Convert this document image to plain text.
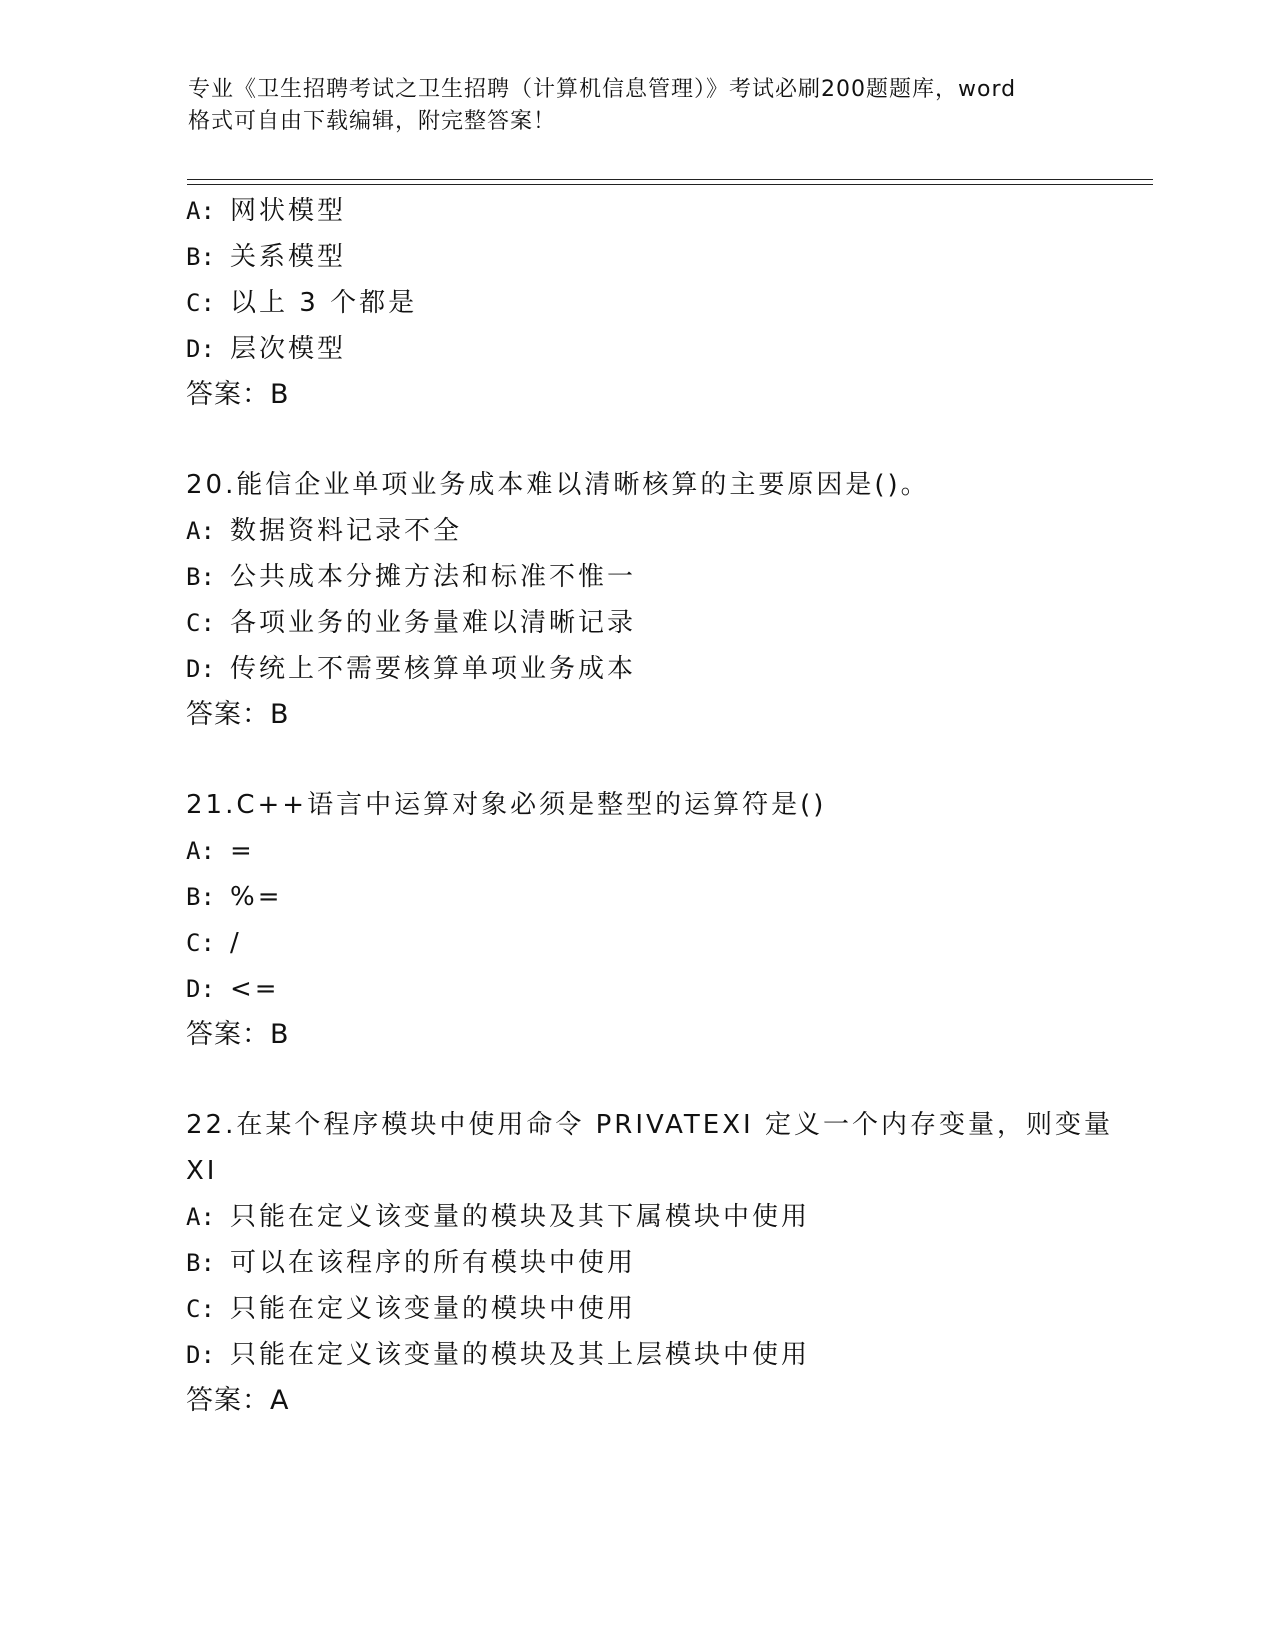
专业《卫生招聘考试之卫生招聘（计算机信息管理）》考试必刷200题题库，word
格式可自由下载编辑，附完整答案！
A: 网状模型
B: 关系模型
C: 以上 3 个都是
D: 层次模型
答案：B
20.能信企业单项业务成本难以清晰核算的主要原因是()。
A: 数据资料记录不全
B: 公共成本分摊方法和标准不惟一
C: 各项业务的业务量难以清晰记录
D: 传统上不需要核算单项业务成本
答案：B
21.C++语言中运算对象必须是整型的运算符是()
A: =
B: %=
C: /
D: <=
答案：B
22.在某个程序模块中使用命令 PRIVATEXI 定义一个内存变量，则变量
XI
A: 只能在定义该变量的模块及其下属模块中使用
B: 可以在该程序的所有模块中使用
C: 只能在定义该变量的模块中使用
D: 只能在定义该变量的模块及其上层模块中使用
答案：A
